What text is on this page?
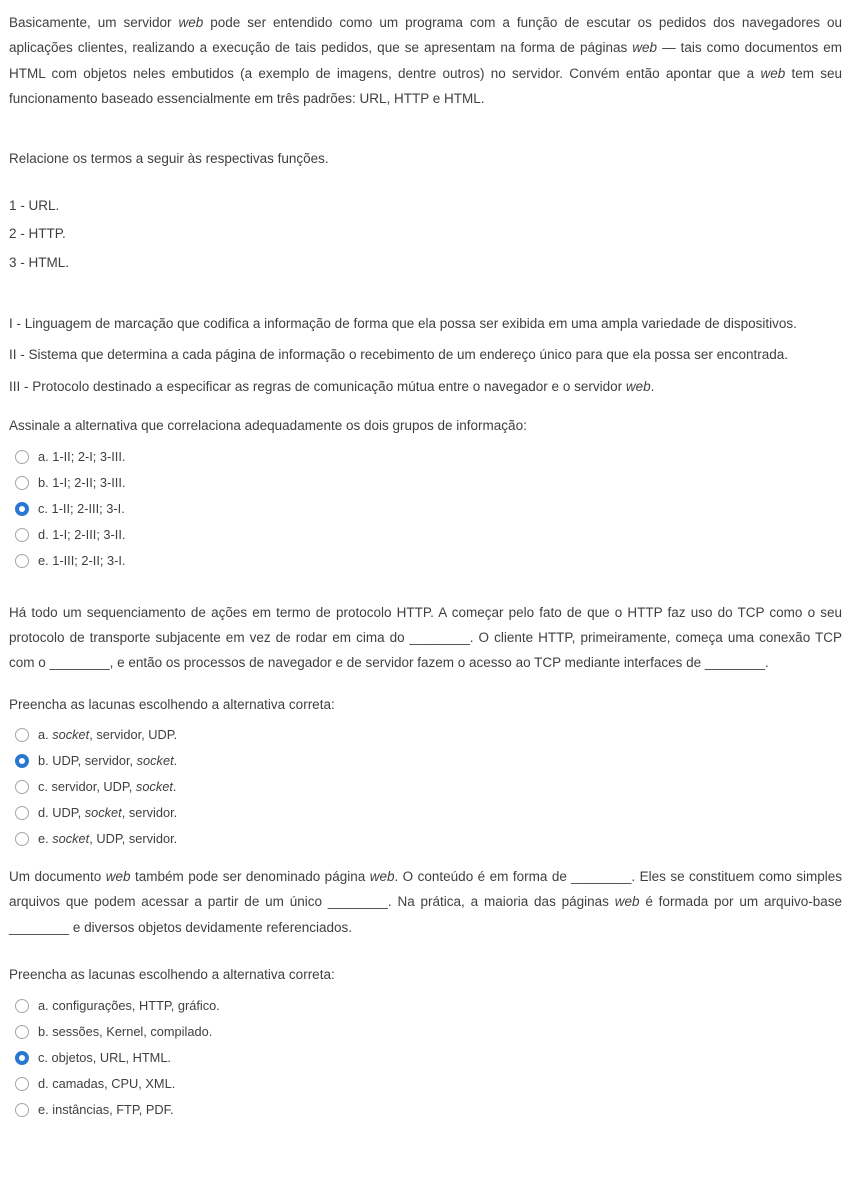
Basicamente, um servidor web pode ser entendido como um programa com a função de escutar os pedidos dos navegadores ou aplicações clientes, realizando a execução de tais pedidos, que se apresentam na forma de páginas web — tais como documentos em HTML com objetos neles embutidos (a exemplo de imagens, dentre outros) no servidor. Convém então apontar que a web tem seu funcionamento baseado essencialmente em três padrões: URL, HTTP e HTML.

Relacione os termos a seguir às respectivas funções.

1 - URL.

2 - HTTP.

3 - HTML.

I - Linguagem de marcação que codifica a informação de forma que ela possa ser exibida em uma ampla variedade de dispositivos.

II - Sistema que determina a cada página de informação o recebimento de um endereço único para que ela possa ser encontrada.

III - Protocolo destinado a especificar as regras de comunicação mútua entre o navegador e o servidor web.

Assinale a alternativa que correlaciona adequadamente os dois grupos de informação:

a. 1-II; 2-I; 3-III.
b. 1-I; 2-II; 3-III.
c. 1-II; 2-III; 3-I.
d. 1-I; 2-III; 3-II.
e. 1-III; 2-II; 3-I.

Há todo um sequenciamento de ações em termo de protocolo HTTP. A começar pelo fato de que o HTTP faz uso do TCP como o seu protocolo de transporte subjacente em vez de rodar em cima do ________. O cliente HTTP, primeiramente, começa uma conexão TCP com o ________, e então os processos de navegador e de servidor fazem o acesso ao TCP mediante interfaces de ________.

Preencha as lacunas escolhendo a alternativa correta:

a. socket, servidor, UDP.
b. UDP, servidor, socket.
c. servidor, UDP, socket.
d. UDP, socket, servidor.
e. socket, UDP, servidor.

Um documento web também pode ser denominado página web. O conteúdo é em forma de ________. Eles se constituem como simples arquivos que podem acessar a partir de um único ________. Na prática, a maioria das páginas web é formada por um arquivo-base ________ e diversos objetos devidamente referenciados.

Preencha as lacunas escolhendo a alternativa correta:

a. configurações, HTTP, gráfico.
b. sessões, Kernel, compilado.
c. objetos, URL, HTML.
d. camadas, CPU, XML.
e. instâncias, FTP, PDF.
